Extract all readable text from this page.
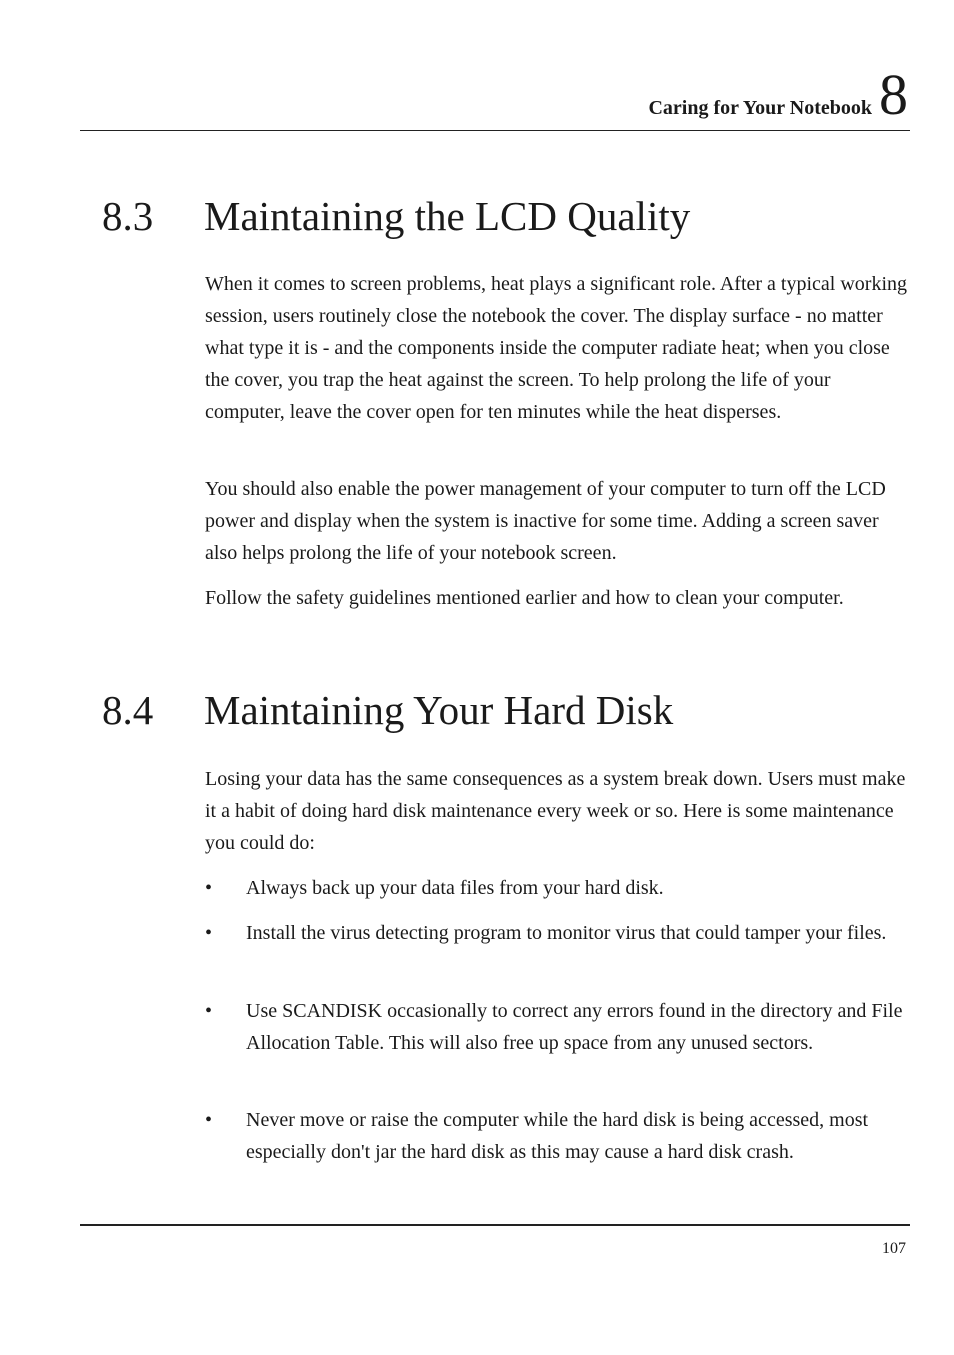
Caring for Your Notebook 8
8.3 Maintaining the LCD Quality

When it comes to screen problems, heat plays a significant role. After a typical working session, users routinely close the notebook the cover. The display surface - no matter what type it is - and the components inside the computer radiate heat; when you close the cover, you trap the heat against the screen. To help prolong the life of your computer, leave the cover open for ten minutes while the heat disperses.

You should also enable the power management of your computer to turn off the LCD power and display when the system is inactive for some time. Adding a screen saver also helps prolong the life of your notebook screen.

Follow the safety guidelines mentioned earlier and how to clean your computer.

8.4 Maintaining Your Hard Disk

Losing your data has the same consequences as a system break down. Users must make it a habit of doing hard disk maintenance every week or so. Here is some maintenance you could do:

•	Always back up your data files from your hard disk.
•	Install the virus detecting program to monitor virus that could tamper your files.
•	Use SCANDISK occasionally to correct any errors found in the directory and File Allocation Table. This will also free up space from any unused sectors.
•	Never move or raise the computer while the hard disk is being accessed, most especially don't jar the hard disk as this may cause a hard disk crash.
107
